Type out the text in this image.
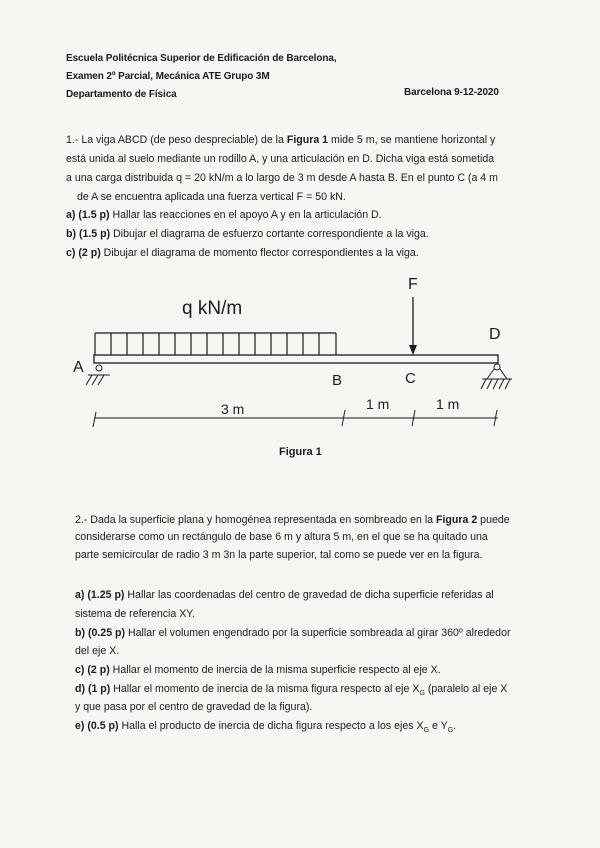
Escuela Politécnica Superior de Edificación de Barcelona,
Examen 2º Parcial, Mecánica ATE Grupo 3M
Departamento de Física	Barcelona 9-12-2020
1.- La viga ABCD (de peso despreciable) de la Figura 1 mide 5 m, se mantiene horizontal y
está unida al suelo mediante un rodillo A, y una articulación en D. Dicha viga está sometida
a una carga distribuida q = 20 kN/m a lo largo de 3 m desde A hasta B. En el punto C (a 4 m
de A se encuentra aplicada una fuerza vertical F = 50 kN.
a) (1.5 p) Hallar las reacciones en el apoyo A y en la articulación D.
b) (1.5 p) Dibujar el diagrama de esfuerzo cortante correspondiente a la viga.
c) (2 p) Dibujar el diagrama de momento flector correspondientes a la viga.
q kN/m
F
A
B	C
D
3 m	1 m	1 m
Figura 1
2.- Dada la superficie plana y homogénea representada en sombreado en la Figura 2 puede
considerarse como un rectángulo de base 6 m y altura 5 m, en el que se ha quitado una
parte semicircular de radio 3 m 3n la parte superior, tal como se puede ver en la figura.
a) (1.25 p) Hallar las coordenadas del centro de gravedad de dicha superficie referidas al
sistema de referencia XY.
b) (0.25 p) Hallar el volumen engendrado por la superficie sombreada al girar 360º alrededor
del eje X.
c) (2 p) Hallar el momento de inercia de la misma superficie respecto al eje X.
d) (1 p) Hallar el momento de inercia de la misma figura respecto al eje $X_G$ (paralelo al eje X
y que pasa por el centro de gravedad de la figura).
e) (0.5 p) Halla el producto de inercia de dicha figura respecto a los ejes $X_G$ e $Y_G$.
